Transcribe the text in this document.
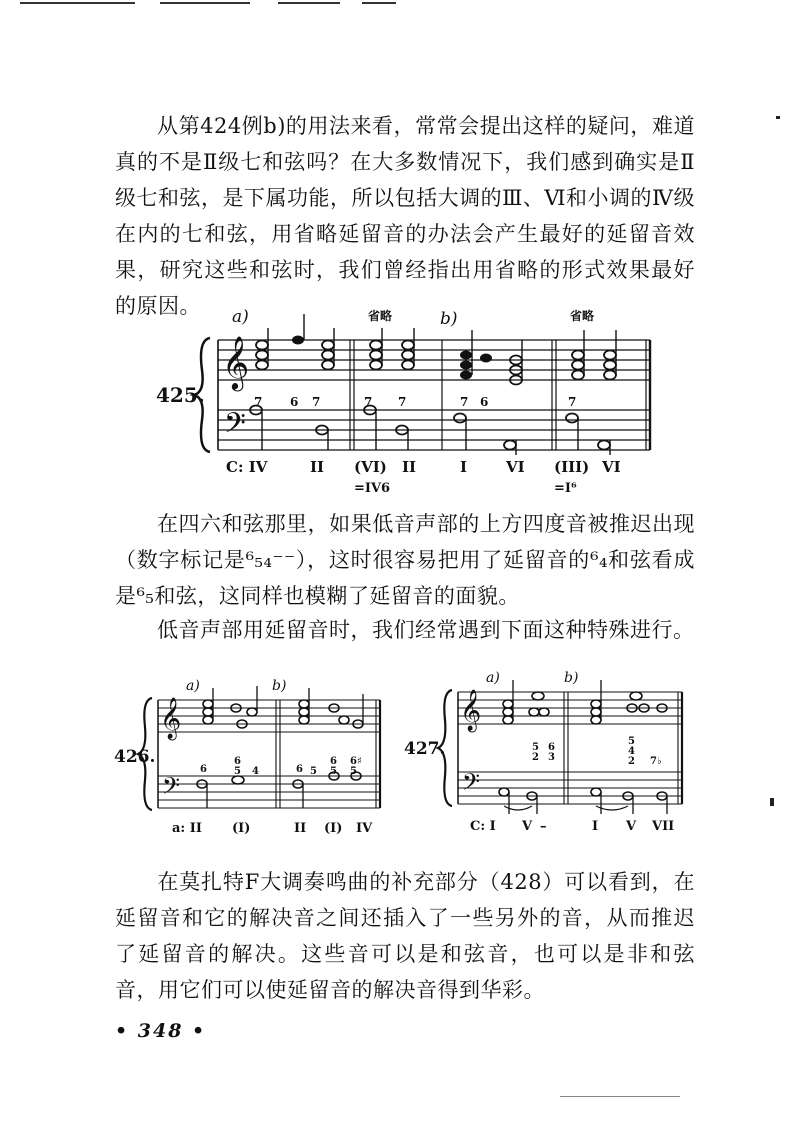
从第424例b)的用法来看，常常会提出这样的疑问，难道真的不是Ⅱ级七和弦吗？在大多数情况下，我们感到确实是Ⅱ级七和弦，是下属功能，所以包括大调的Ⅲ、Ⅵ和小调的Ⅳ级在内的七和弦，用省略延留音的办法会产生最好的延留音效果，研究这些和弦时，我们曾经指出用省略的形式效果最好的原因。

𝄞
𝄢
a)	b)
省略	省略
425.	7 6 7	7 7	7 6	7
C: IV	II (VI) II	I	VI (III) VI
=IV6	=I⁶

在四六和弦那里，如果低音声部的上方四度音被推迟出现（数字标记是⁶₅₄⁻⁻），这时很容易把用了延留音的⁶₄和弦看成是⁶₅和弦，这同样也模糊了延留音的面貌。

低音声部用延留音时，我们经常遇到下面这种特殊进行。

𝄞
𝄢
a)	b)
426.
6
6
5	6
6 6♯
5
4	5
5
a: II (I)	II (I) IV
𝄞
𝄢
a)	b)
427.	5 6
5
2 3
4
7♭
2
C: I V –	I V VII

在莫扎特F大调奏鸣曲的补充部分（428）可以看到，在延留音和它的解决音之间还插入了一些另外的音，从而推迟了延留音的解决。这些音可以是和弦音，也可以是非和弦音，用它们可以使延留音的解决音得到华彩。

• 348 •
